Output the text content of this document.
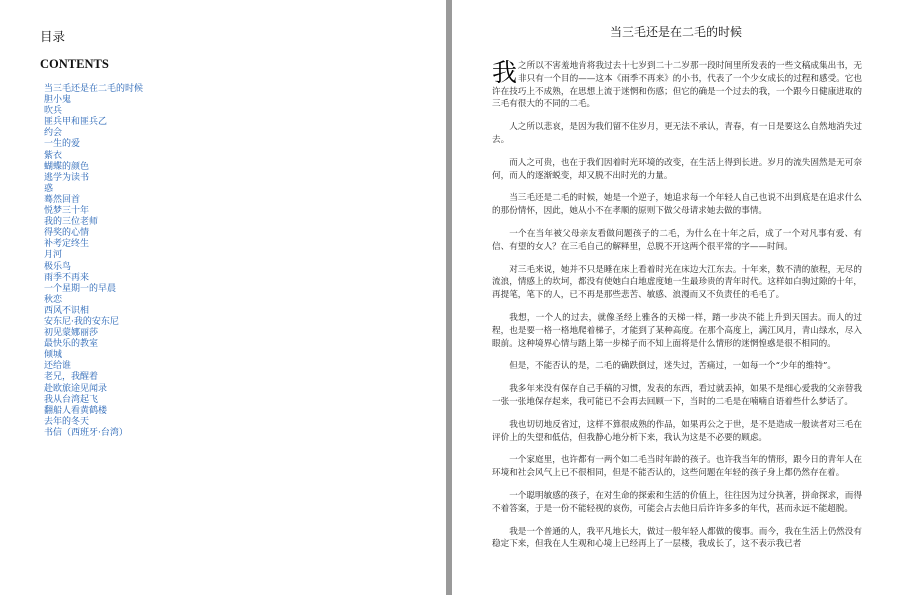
目录
CONTENTS
当三毛还是在二毛的时候
胆小鬼
吹兵
匪兵甲和匪兵乙
约会
一生的爱
紫衣
蝴蝶的颜色
逃学为读书
惑
蓦然回首
悦梦三十年
我的三位老师
得奖的心情
补考定终生
月河
极乐鸟
雨季不再来
一个星期一的早晨
秋恋
西风不识相
安东尼·我的安东尼
初见蒙娜丽莎
最快乐的教室
倾城
还给谁
老兄，我醒着
赴欧旅途见闻录
我从台湾起飞
翻船人看黄鹤楼
去年的冬天
书信（西班牙·台湾）
当三毛还是在二毛的时候

我之所以不害羞地肯将我过去十七岁到二十二岁那一段时间里所发表的一些文稿成集出书，无非只有一个目的——这本《雨季不再来》的小书，代表了一个少女成长的过程和感受。它也许在技巧上不成熟，在思想上流于迷惘和伤感；但它的确是一个过去的我，一个跟今日健康进取的三毛有很大的不同的二毛。

人之所以悲哀，是因为我们留不住岁月，更无法不承认，青春，有一日是要这么自然地消失过去。

而人之可贵，也在于我们因着时光环境的改变，在生活上得到长进。岁月的流失固然是无可奈何，而人的逐渐蜕变，却又脱不出时光的力量。

当三毛还是二毛的时候，她是一个逆子，她追求每一个年轻人自己也说不出到底是在追求什么的那份情怀，因此，她从小不在孝顺的原则下做父母请求她去做的事情。

一个在当年被父母亲友看做问题孩子的二毛，为什么在十年之后，成了一个对凡事有爱、有信、有望的女人？在三毛自己的解释里，总脱不开这两个很平常的字——时间。

对三毛来说，她并不只是睡在床上看着时光在床边大江东去。十年来，数不清的旅程，无尽的流浪，情感上的坎坷，都没有使她白白地虚度她一生最珍贵的青年时代。这样如白驹过隙的十年，再提笔，笔下的人，已不再是那些悲苦、敏感、浪漫而又不负责任的毛毛了。

我想，一个人的过去，就像圣经上雅各的天梯一样，踏一步决不能上升到天国去。而人的过程，也是要一格一格地爬着梯子，才能到了某种高度。在那个高度上，满江风月，青山绿水，尽入眼前。这种境界心情与踏上第一步梯子而不知上面将是什么情形的迷惘惶惑是很不相同的。

但是，不能否认的是，二毛的确跌倒过，迷失过，苦痛过，一如每一个“少年的维特”。

我多年来没有保存自己手稿的习惯，发表的东西，看过就丢掉，如果不是细心爱我的父亲替我一张一张地保存起来，我可能已不会再去回顾一下，当时的二毛是在喃喃自语着些什么梦话了。

我也切切地反省过，这样不算很成熟的作品，如果再公之于世，是不是造成一般读者对三毛在评价上的失望和低估，但我静心地分析下来，我认为这是不必要的顾虑。

一个家庭里，也许都有一两个如二毛当时年龄的孩子。也许我当年的情形，跟今日的青年人在环境和社会风气上已不很相同，但是不能否认的，这些问题在年轻的孩子身上都仍然存在着。

一个聪明敏感的孩子，在对生命的探索和生活的价值上，往往因为过分执著，拼命探求，而得不着答案，于是一份不能轻视的哀伤，可能会占去他日后许许多多的年代，甚而永远不能超脱。

我是一个普通的人，我平凡地长大，做过一般年轻人都做的傻事。而今，我在生活上仍然没有稳定下来，但我在人生观和心境上已经再上了一层楼，我成长了，这不表示我已者
